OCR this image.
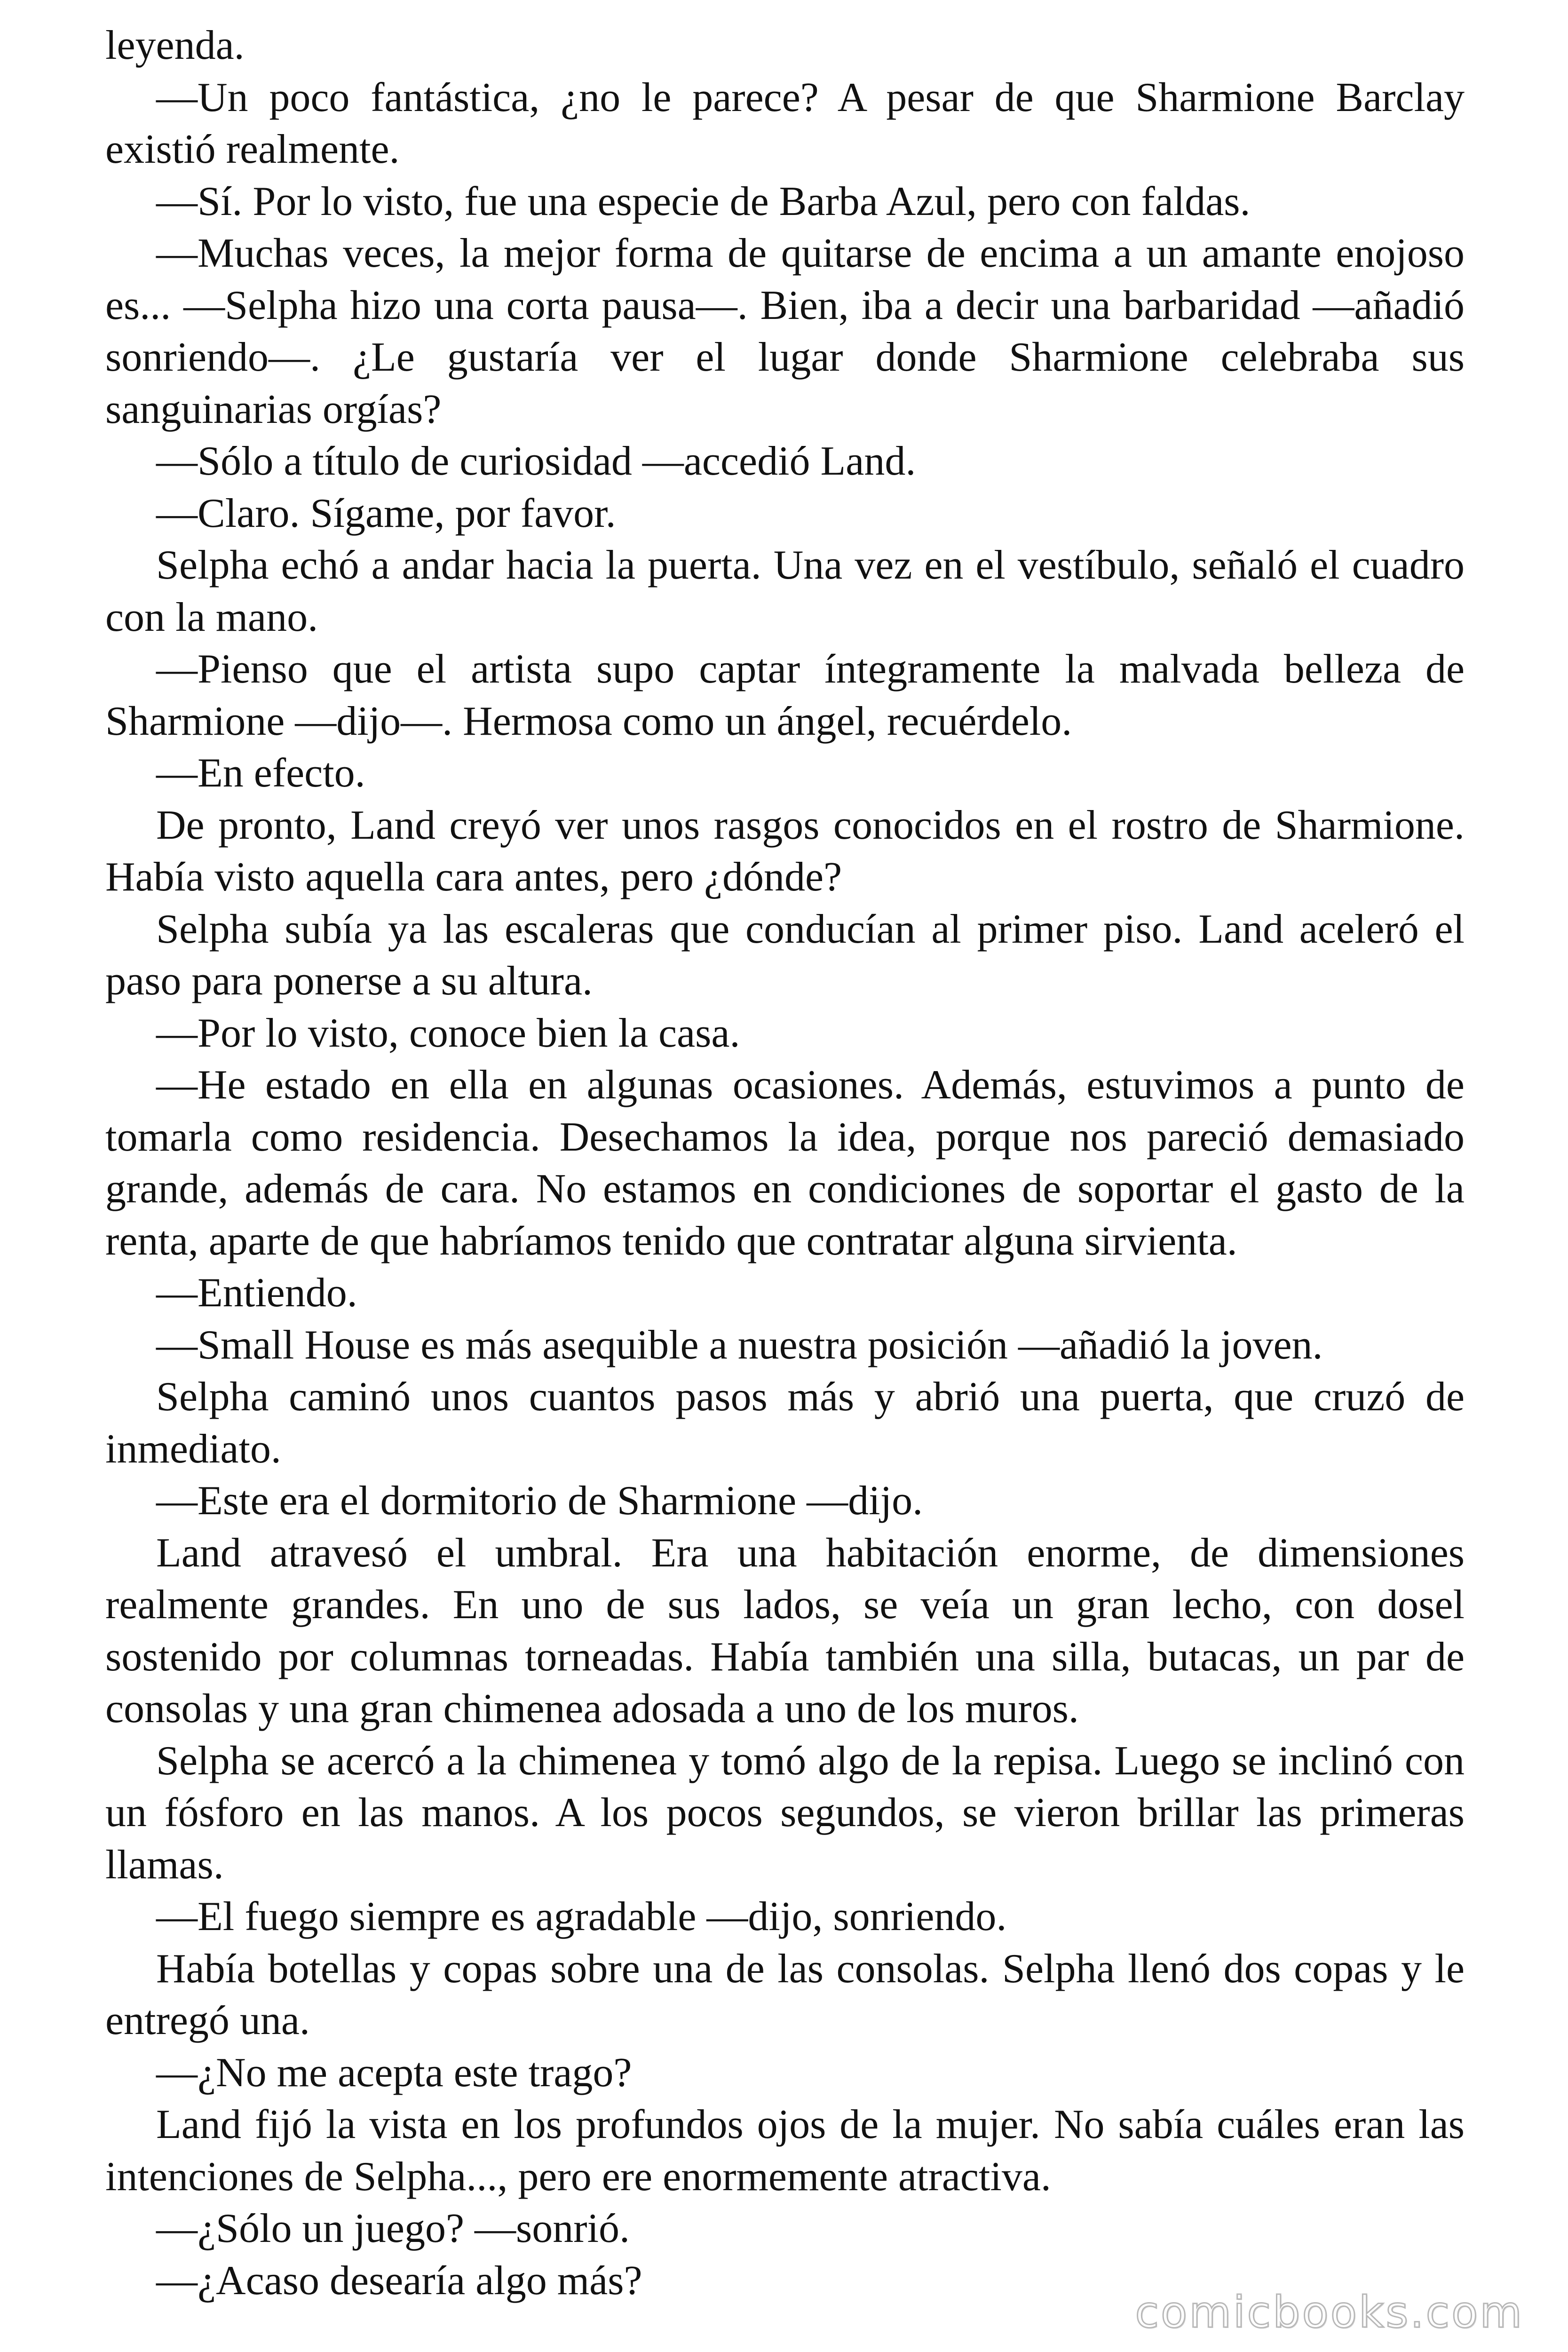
leyenda.

—Un poco fantástica, ¿no le parece? A pesar de que Sharmione Barclay existió realmente.

—Sí. Por lo visto, fue una especie de Barba Azul, pero con faldas.

—Muchas veces, la mejor forma de quitarse de encima a un amante enojoso es... —Selpha hizo una corta pausa—. Bien, iba a decir una barbaridad —añadió sonriendo—. ¿Le gustaría ver el lugar donde Sharmione celebraba sus sanguinarias orgías?

—Sólo a título de curiosidad —accedió Land.

—Claro. Sígame, por favor.

Selpha echó a andar hacia la puerta. Una vez en el vestíbulo, señaló el cuadro con la mano.

—Pienso que el artista supo captar íntegramente la malvada belleza de Sharmione —dijo—. Hermosa como un ángel, recuérdelo.

—En efecto.

De pronto, Land creyó ver unos rasgos conocidos en el rostro de Sharmione. Había visto aquella cara antes, pero ¿dónde?

Selpha subía ya las escaleras que conducían al primer piso. Land aceleró el paso para ponerse a su altura.

—Por lo visto, conoce bien la casa.

—He estado en ella en algunas ocasiones. Además, estuvimos a punto de tomarla como residencia. Desechamos la idea, porque nos pareció demasiado grande, además de cara. No estamos en condiciones de soportar el gasto de la renta, aparte de que habríamos tenido que contratar alguna sirvienta.

—Entiendo.

—Small House es más asequible a nuestra posición —añadió la joven.

Selpha caminó unos cuantos pasos más y abrió una puerta, que cruzó de inmediato.

—Este era el dormitorio de Sharmione —dijo.

Land atravesó el umbral. Era una habitación enorme, de dimensiones realmente grandes. En uno de sus lados, se veía un gran lecho, con dosel sostenido por columnas torneadas. Había también una silla, butacas, un par de consolas y una gran chimenea adosada a uno de los muros.

Selpha se acercó a la chimenea y tomó algo de la repisa. Luego se inclinó con un fósforo en las manos. A los pocos segundos, se vieron brillar las primeras llamas.

—El fuego siempre es agradable —dijo, sonriendo.

Había botellas y copas sobre una de las consolas. Selpha llenó dos copas y le entregó una.

—¿No me acepta este trago?

Land fijó la vista en los profundos ojos de la mujer. No sabía cuáles eran las intenciones de Selpha..., pero ere enormemente atractiva.

—¿Sólo un juego? —sonrió.

—¿Acaso desearía algo más?

comicbooks.com
